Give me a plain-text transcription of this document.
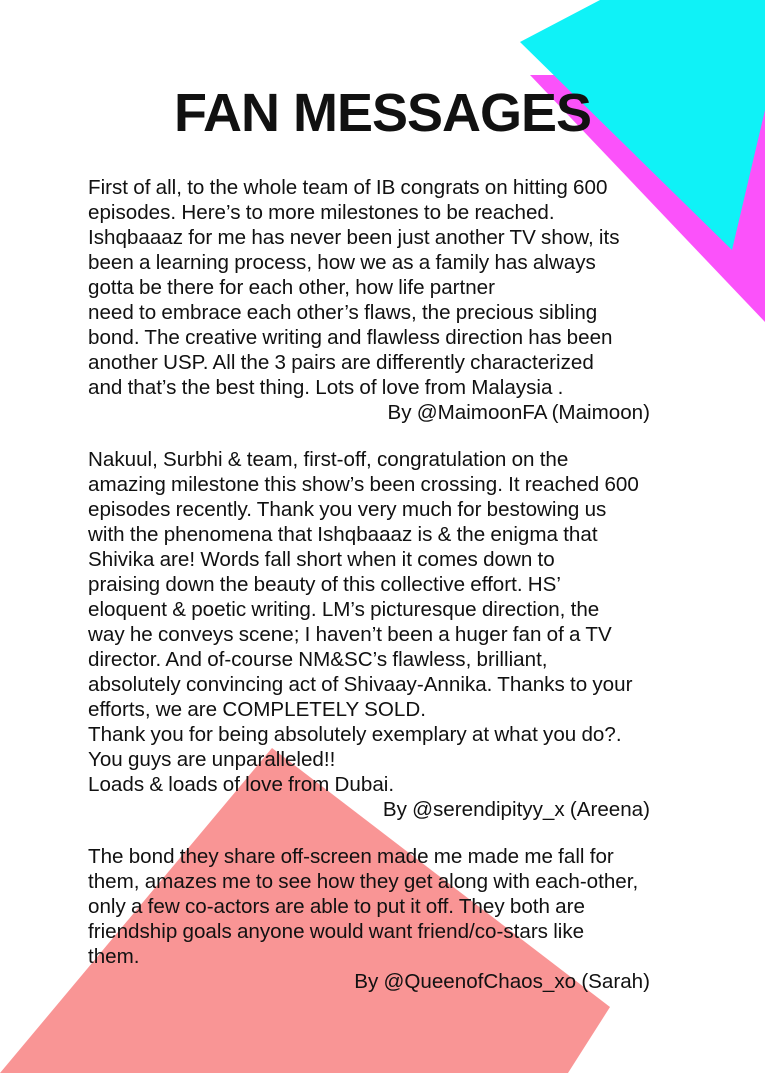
FAN MESSAGES

First of all, to the whole team of IB congrats on hitting 600
episodes. Here’s to more milestones to be reached.
Ishqbaaaz for me has never been just another TV show, its
been a learning process, how we as a family has always
gotta be there for each other, how life partner
need to embrace each other’s flaws, the precious sibling
bond. The creative writing and flawless direction has been
another USP. All the 3 pairs are differently characterized
and that’s the best thing. Lots of love from Malaysia .

By @MaimoonFA (Maimoon)

Nakuul, Surbhi & team, first-off, congratulation on the
amazing milestone this show’s been crossing. It reached 600
episodes recently. Thank you very much for bestowing us
with the phenomena that Ishqbaaaz is & the enigma that
Shivika are! Words fall short when it comes down to
praising down the beauty of this collective effort. HS’
eloquent & poetic writing. LM’s picturesque direction, the
way he conveys scene; I haven’t been a huger fan of a TV
director. And of-course NM&SC’s flawless, brilliant,
absolutely convincing act of Shivaay-Annika. Thanks to your
efforts, we are COMPLETELY SOLD.
Thank you for being absolutely exemplary at what you do?.
You guys are unparalleled!!
Loads & loads of love from Dubai.

By @serendipityy_x (Areena)

The bond they share off-screen made me made me fall for
them, amazes me to see how they get along with each-other,
only a few co-actors are able to put it off. They both are
friendship goals anyone would want friend/co-stars like
them.

By @QueenofChaos_xo (Sarah)
